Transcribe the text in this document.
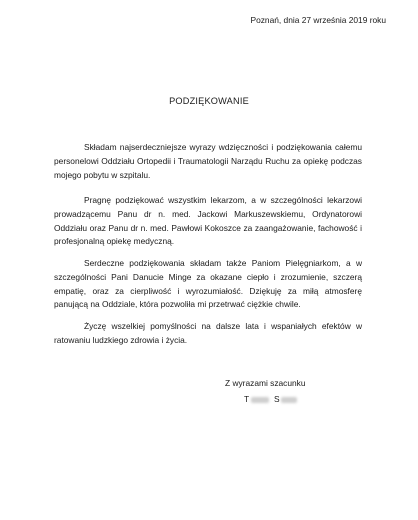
Poznań, dnia 27 września 2019 roku
PODZIĘKOWANIE

Składam najserdeczniejsze wyrazy wdzięczności i podziękowania całemu personelowi Oddziału Ortopedii i Traumatologii Narządu Ruchu za opiekę podczas mojego pobytu w szpitalu.

Pragnę podziękować wszystkim lekarzom, a w szczególności lekarzowi prowadzącemu Panu dr n. med. Jackowi Markuszewskiemu, Ordynatorowi Oddziału oraz Panu dr n. med. Pawłowi Kokoszce za zaangażowanie, fachowość i profesjonalną opiekę medyczną.

Serdeczne podziękowania składam także Paniom Pielęgniarkom, a w szczególności Pani Danucie Minge za okazane ciepło i zrozumienie, szczerą empatię, oraz za cierpliwość i wyrozumiałość. Dziękuję za miłą atmosferę panującą na Oddziale, która pozwoliła mi przetrwać ciężkie chwile.

Życzę wszelkiej pomyślności na dalsze lata i wspaniałych efektów w ratowaniu ludzkiego zdrowia i życia.

Z wyrazami szacunku
T	S
